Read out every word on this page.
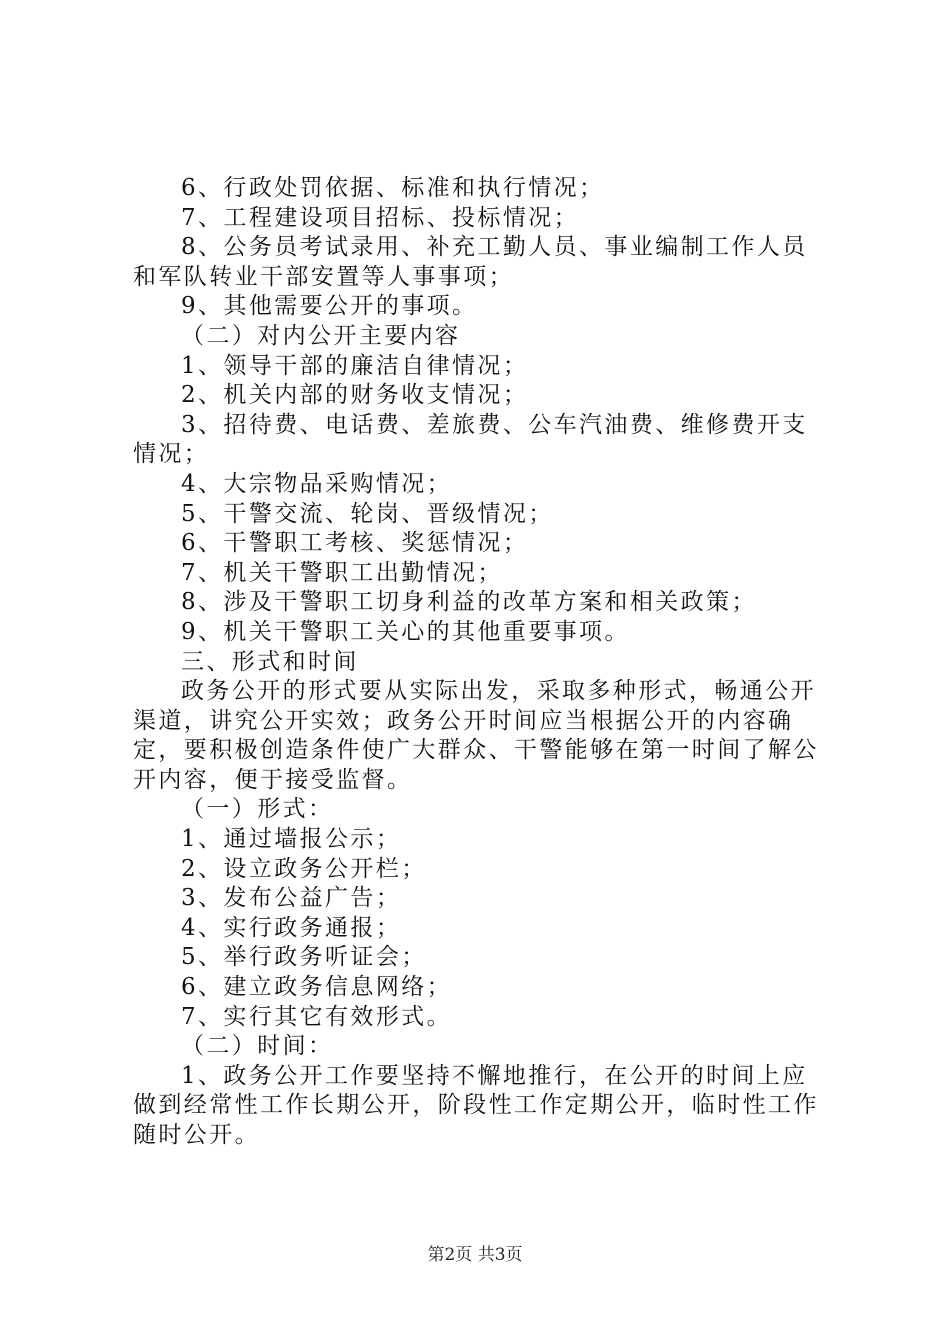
6、行政处罚依据、标准和执行情况；

7、工程建设项目招标、投标情况；

8、公务员考试录用、补充工勤人员、事业编制工作人员和军队转业干部安置等人事事项；

9、其他需要公开的事项。

（二）对内公开主要内容

1、领导干部的廉洁自律情况；

2、机关内部的财务收支情况；

3、招待费、电话费、差旅费、公车汽油费、维修费开支情况；

4、大宗物品采购情况；

5、干警交流、轮岗、晋级情况；

6、干警职工考核、奖惩情况；

7、机关干警职工出勤情况；

8、涉及干警职工切身利益的改革方案和相关政策；

9、机关干警职工关心的其他重要事项。

三、形式和时间

政务公开的形式要从实际出发，采取多种形式，畅通公开渠道，讲究公开实效；政务公开时间应当根据公开的内容确定，要积极创造条件使广大群众、干警能够在第一时间了解公开内容，便于接受监督。

（一）形式：

1、通过墙报公示；

2、设立政务公开栏；

3、发布公益广告；

4、实行政务通报；

5、举行政务听证会；

6、建立政务信息网络；

7、实行其它有效形式。

（二）时间：

1、政务公开工作要坚持不懈地推行，在公开的时间上应做到经常性工作长期公开，阶段性工作定期公开，临时性工作随时公开。

第2页 共3页
